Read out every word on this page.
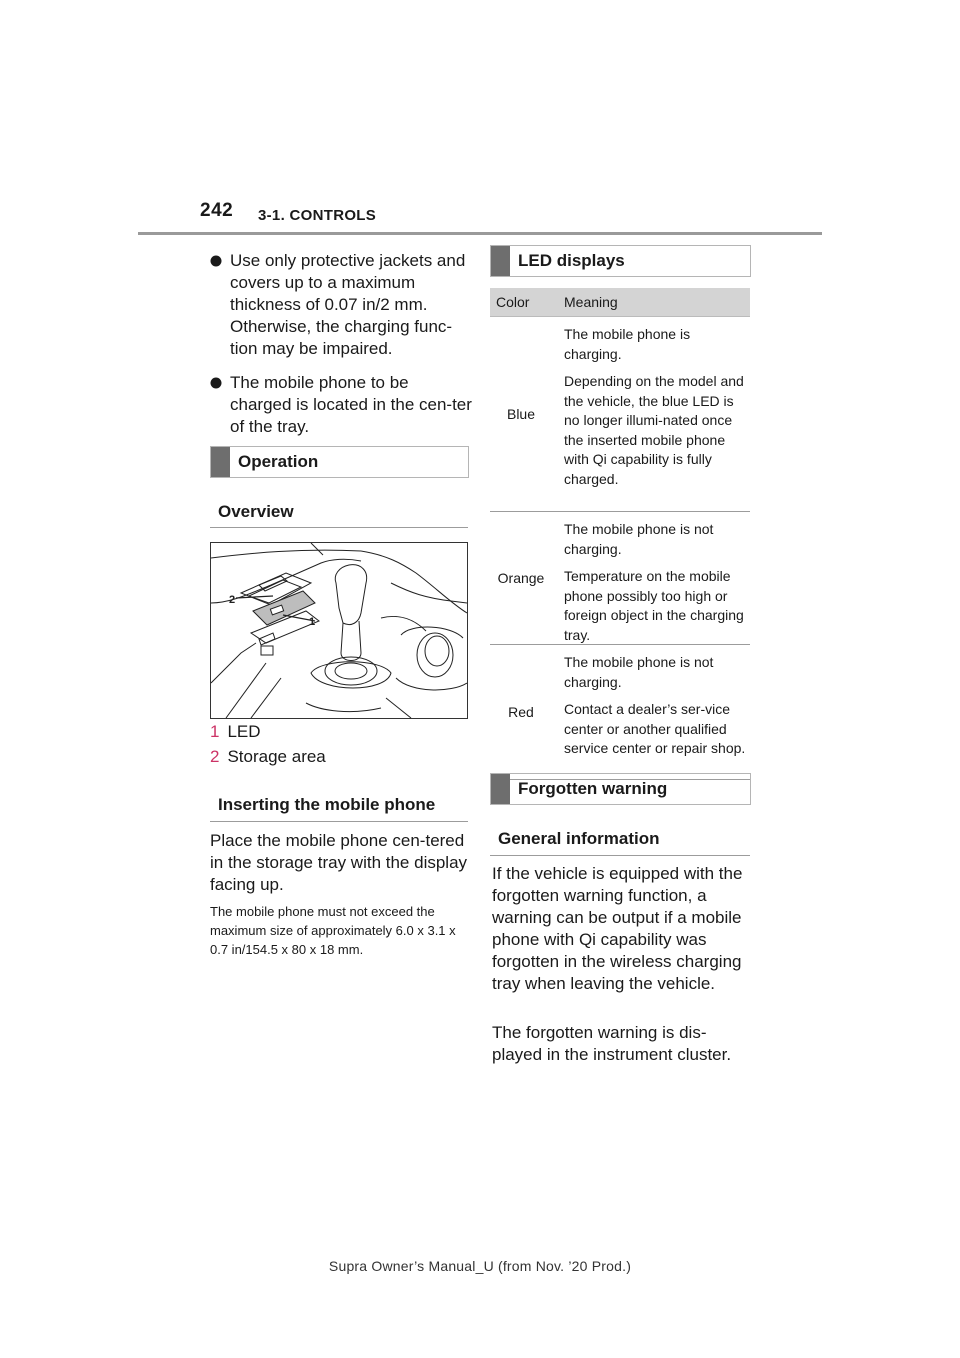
242 3-1. CONTROLS
Use only protective jackets and covers up to a maximum thickness of 0.07 in/2 mm. Otherwise, the charging func-tion may be impaired.
The mobile phone to be charged is located in the cen-ter of the tray.
Operation
Overview
2
1
1 LED
2 Storage area
Inserting the mobile phone
Place the mobile phone cen-tered in the storage tray with the display facing up.
The mobile phone must not exceed the maximum size of approximately 6.0 x 3.1 x 0.7 in/154.5 x 80 x 18 mm.
LED displays
Color	Meaning
Blue

The mobile phone is charging.

Depending on the model and the vehicle, the blue LED is no longer illumi-nated once the inserted mobile phone with Qi capability is fully charged.

Orange

The mobile phone is not charging.

Temperature on the mobile phone possibly too high or foreign object in the charging tray.

Red

The mobile phone is not charging.

Contact a dealer’s ser-vice center or another qualified service center or repair shop.

Forgotten warning
General information
If the vehicle is equipped with the forgotten warning function, a warning can be output if a mobile phone with Qi capability was forgotten in the wireless charging tray when leaving the vehicle.
The forgotten warning is dis-played in the instrument cluster.
Supra Owner’s Manual_U (from Nov. ’20 Prod.)
